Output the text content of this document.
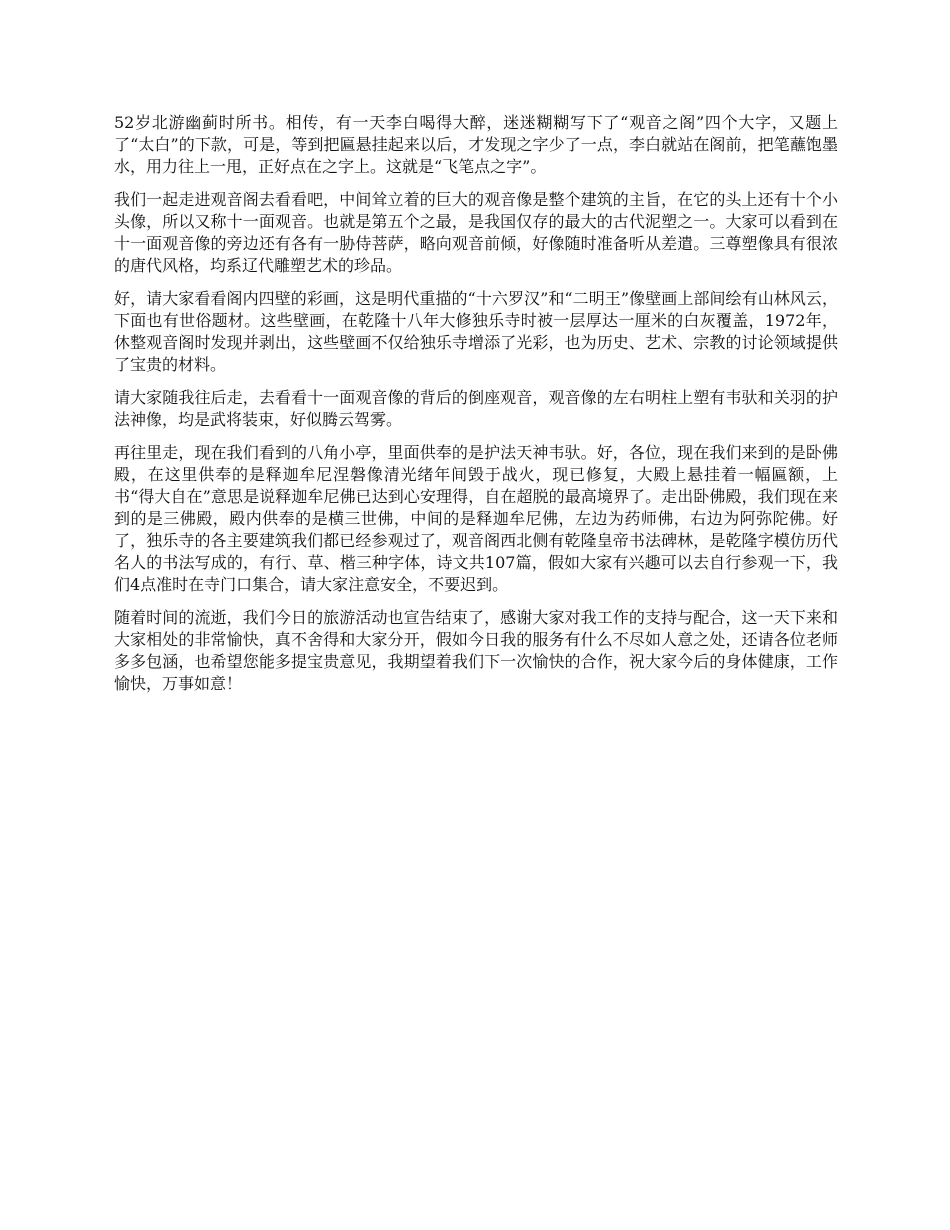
52岁北游幽蓟时所书。相传，有一天李白喝得大醉，迷迷糊糊写下了“观音之阁”四个大字，又题上了“太白”的下款，可是，等到把匾悬挂起来以后，才发现之字少了一点，李白就站在阁前，把笔蘸饱墨水，用力往上一甩，正好点在之字上。这就是“飞笔点之字”。

我们一起走进观音阁去看看吧，中间耸立着的巨大的观音像是整个建筑的主旨，在它的头上还有十个小头像，所以又称十一面观音。也就是第五个之最，是我国仅存的最大的古代泥塑之一。大家可以看到在十一面观音像的旁边还有各有一胁侍菩萨，略向观音前倾，好像随时准备听从差遣。三尊塑像具有很浓的唐代风格，均系辽代雕塑艺术的珍品。

好，请大家看看阁内四壁的彩画，这是明代重描的“十六罗汉”和“二明王”像壁画上部间绘有山林风云，下面也有世俗题材。这些壁画，在乾隆十八年大修独乐寺时被一层厚达一厘米的白灰覆盖，1972年，休整观音阁时发现并剥出，这些壁画不仅给独乐寺增添了光彩，也为历史、艺术、宗教的讨论领域提供了宝贵的材料。

请大家随我往后走，去看看十一面观音像的背后的倒座观音，观音像的左右明柱上塑有韦驮和关羽的护法神像，均是武将装束，好似腾云驾雾。

再往里走，现在我们看到的八角小亭，里面供奉的是护法天神韦驮。好，各位，现在我们来到的是卧佛殿，在这里供奉的是释迦牟尼涅磐像清光绪年间毁于战火，现已修复，大殿上悬挂着一幅匾额，上书“得大自在”意思是说释迦牟尼佛已达到心安理得，自在超脱的最高境界了。走出卧佛殿，我们现在来到的是三佛殿，殿内供奉的是横三世佛，中间的是释迦牟尼佛，左边为药师佛，右边为阿弥陀佛。好了，独乐寺的各主要建筑我们都已经参观过了，观音阁西北侧有乾隆皇帝书法碑林，是乾隆字模仿历代名人的书法写成的，有行、草、楷三种字体，诗文共107篇，假如大家有兴趣可以去自行参观一下，我们4点准时在寺门口集合，请大家注意安全，不要迟到。

随着时间的流逝，我们今日的旅游活动也宣告结束了，感谢大家对我工作的支持与配合，这一天下来和大家相处的非常愉快，真不舍得和大家分开，假如今日我的服务有什么不尽如人意之处，还请各位老师多多包涵，也希望您能多提宝贵意见，我期望着我们下一次愉快的合作，祝大家今后的身体健康，工作愉快，万事如意！
